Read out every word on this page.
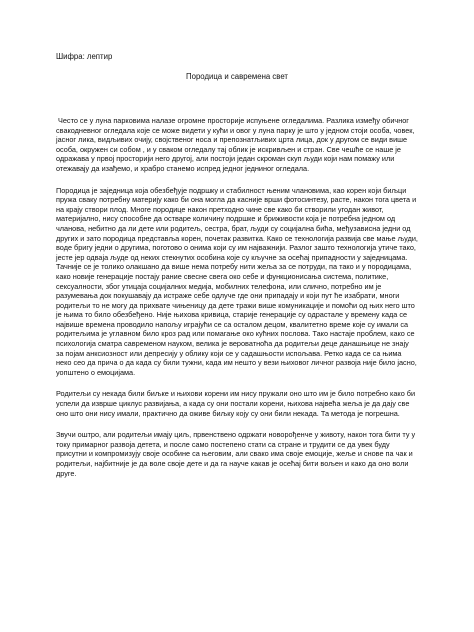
Шифра: лептир

Породица и савремена свет

Често се у луна парковима налазе огромне просторије испуњене огледалима. Разлика између обичног свакодневног огледала које се може видети у кући и овог у луна парку је што у једном стоји особа, човек, јасног лика, видљивих очију, својственог носа и препознатљивих црта лица, док у другом се види више особа, окружен си собом , и у сваком огледалу тај облик је искривљен и стран. Све чешће се наше је одражава у првој просторији него другој, али постоји један скроман скуп људи који нам помажу или отежавају да изађемо, и храбро станемо испред једног једниног огледала.

Породица је заједница која обезбеђује подршку и стабилност њеним члановима, као корен који биљци пружа сваку потребну материју како би она могла да касније врши фотосинтезу, расте, након тога цвета и на крају створи плод. Многе породице након претходно чине све како би створили угодан живот, материјално, нису способне да остваре количину подршке и бриживости која је потребна једном од чланова, небитно да ли дете или родитељ, сестра, брат, људи су социјална бића, међузависна једни од других и зато породица представља корен, почетак развитка. Како се технологија развија све мање људи, воде бригу једни о другима, поготово о онима који су им најважнији. Разлог зашто технологија утиче тако, јесте јер одваја људе од неких стекнутих особина које су кључне за осећај припадности у заједницама. Тачније се је толико олакшано да више нема потребу нити жеља за се потруди, па тако и у породицама, како новије генерације постају рание свесне свега око себе и функционисања система, политике, сексуалности, због утицаја социјалних медија, мобилних телефона, или слично, потребно им је разумевања док покушавају да истраже себе одлуче где они припадају и који пут ће изабрати, многи родитељи то не могу да прихвате чињеницу да дете тражи више комуникације и помоћи од њих него што је њима то било обезбеђено. Није њихова кривица, старије генерације су одрастале у времену када се највише времена проводило напољу играјући се са осталом децом, квалитетно време које су имали са родитељима је углавном било кроз рад или помагање око кућних послова. Тако настаје проблем, како се психологија сматра савременом науком, велика је вероватноћа да родитељи деце данашњице не знају за појам анксиозност или депресију у облику који се у садашњости испољава. Ретко када се са њима неко сео да прича о да када су били тужни, када им нешто у вези њиховог личног развоја није било јасно, уопштено о емоцијама.

Родитељи су некада били биљке и њихови корени им нису пружали оно што им је било потребно како би успели да изврше циклус развијања, а када су они постали корени, њихова највећа жеља је да дају све оно што они нису имали, практично да оживе биљку коју су они били некада. Та метода је погрешна.

Звучи оштро, али родитељи имају циљ, првенствено одржати новорођенче у животу, након тога бити ту у току примарног развоја детета, и после само постепено стати са стране и трудити се да увек буду присутни и компромизују своје особине са његовим, али свако има своје емоције, жеље и снове па чак и родитељи, најбитније је да воле своје дете и да га науче какав је осећај бити вољен и како да оно воли друге.
